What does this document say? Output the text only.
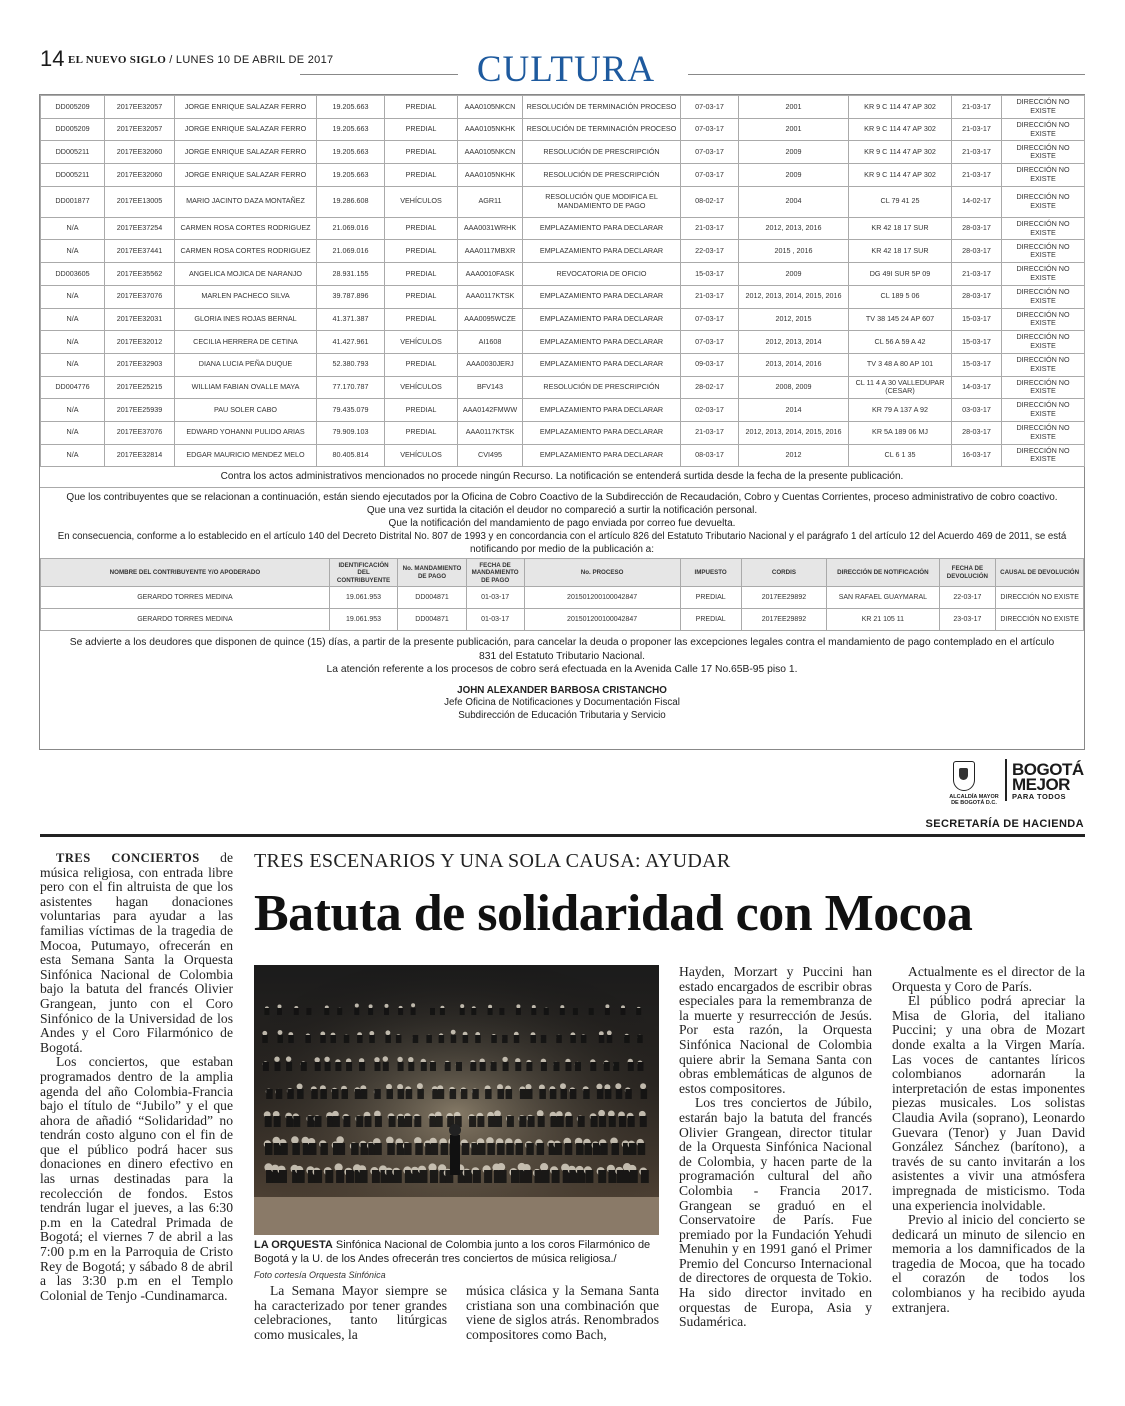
14 EL NUEVO SIGLO / LUNES 10 DE ABRIL DE 2017	CULTURA
DD005209	2017EE32057	JORGE ENRIQUE SALAZAR FERRO	19.205.663	PREDIAL	AAA0105NKCN	RESOLUCIÓN DE TERMINACIÓN PROCESO	07-03-17	2001	KR 9 C 114 47 AP 302	21-03-17	DIRECCIÓN NO EXISTE
DD005209	2017EE32057	JORGE ENRIQUE SALAZAR FERRO	19.205.663	PREDIAL	AAA0105NKHK	RESOLUCIÓN DE TERMINACIÓN PROCESO	07-03-17	2001	KR 9 C 114 47 AP 302	21-03-17	DIRECCIÓN NO EXISTE
DD005211	2017EE32060	JORGE ENRIQUE SALAZAR FERRO	19.205.663	PREDIAL	AAA0105NKCN	RESOLUCIÓN DE PRESCRIPCIÓN	07-03-17	2009	KR 9 C 114 47 AP 302	21-03-17	DIRECCIÓN NO EXISTE
DD005211	2017EE32060	JORGE ENRIQUE SALAZAR FERRO	19.205.663	PREDIAL	AAA0105NKHK	RESOLUCIÓN DE PRESCRIPCIÓN	07-03-17	2009	KR 9 C 114 47 AP 302	21-03-17	DIRECCIÓN NO EXISTE
DD001877	2017EE13005	MARIO JACINTO DAZA MONTAÑEZ	19.286.608	VEHÍCULOS	AGR11	RESOLUCIÓN QUE MODIFICA EL MANDAMIENTO DE PAGO	08-02-17	2004	CL 79 41 25	14-02-17	DIRECCIÓN NO EXISTE
N/A	2017EE37254	CARMEN ROSA CORTES RODRIGUEZ	21.069.016	PREDIAL	AAA0031WRHK	EMPLAZAMIENTO PARA DECLARAR	21-03-17	2012, 2013, 2016	KR 42 18 17 SUR	28-03-17	DIRECCIÓN NO EXISTE
N/A	2017EE37441	CARMEN ROSA CORTES RODRIGUEZ	21.069.016	PREDIAL	AAA0117MBXR	EMPLAZAMIENTO PARA DECLARAR	22-03-17	2015 , 2016	KR 42 18 17 SUR	28-03-17	DIRECCIÓN NO EXISTE
DD003605	2017EE35562	ANGELICA MOJICA DE NARANJO	28.931.155	PREDIAL	AAA0010FASK	REVOCATORIA DE OFICIO	15-03-17	2009	DG 49I SUR 5P 09	21-03-17	DIRECCIÓN NO EXISTE
N/A	2017EE37076	MARLEN PACHECO SILVA	39.787.896	PREDIAL	AAA0117KTSK	EMPLAZAMIENTO PARA DECLARAR	21-03-17	2012, 2013, 2014, 2015, 2016	CL 189 5 06	28-03-17	DIRECCIÓN NO EXISTE
N/A	2017EE32031	GLORIA INES ROJAS BERNAL	41.371.387	PREDIAL	AAA0095WCZE	EMPLAZAMIENTO PARA DECLARAR	07-03-17	2012, 2015	TV 38 145 24 AP 607	15-03-17	DIRECCIÓN NO EXISTE
N/A	2017EE32012	CECILIA HERRERA DE CETINA	41.427.961	VEHÍCULOS	AI1608	EMPLAZAMIENTO PARA DECLARAR	07-03-17	2012, 2013, 2014	CL 56 A 59 A 42	15-03-17	DIRECCIÓN NO EXISTE
N/A	2017EE32903	DIANA LUCIA PEÑA DUQUE	52.380.793	PREDIAL	AAA0030JERJ	EMPLAZAMIENTO PARA DECLARAR	09-03-17	2013, 2014, 2016	TV 3 48 A 80 AP 101	15-03-17	DIRECCIÓN NO EXISTE
DD004776	2017EE25215	WILLIAM FABIAN OVALLE MAYA	77.170.787	VEHÍCULOS	BFV143	RESOLUCIÓN DE PRESCRIPCIÓN	28-02-17	2008, 2009	CL 11 4 A 30 VALLEDUPAR (CESAR)	14-03-17	DIRECCIÓN NO EXISTE
N/A	2017EE25939	PAU SOLER CABO	79.435.079	PREDIAL	AAA0142FMWW	EMPLAZAMIENTO PARA DECLARAR	02-03-17	2014	KR 79 A 137 A 92	03-03-17	DIRECCIÓN NO EXISTE
N/A	2017EE37076	EDWARD YOHANNI PULIDO ARIAS	79.909.103	PREDIAL	AAA0117KTSK	EMPLAZAMIENTO PARA DECLARAR	21-03-17	2012, 2013, 2014, 2015, 2016	KR 5A 189 06 MJ	28-03-17	DIRECCIÓN NO EXISTE
N/A	2017EE32814	EDGAR MAURICIO MENDEZ MELO	80.405.814	VEHÍCULOS	CVI495	EMPLAZAMIENTO PARA DECLARAR	08-03-17	2012	CL 6 1 35	16-03-17	DIRECCIÓN NO EXISTE
Contra los actos administrativos mencionados no procede ningún Recurso. La notificación se entenderá surtida desde la fecha de la presente publicación.
Que los contribuyentes que se relacionan a continuación, están siendo ejecutados por la Oficina de Cobro Coactivo de la Subdirección de Recaudación, Cobro y Cuentas Corrientes, proceso administrativo de cobro coactivo.
Que una vez surtida la citación el deudor no compareció a surtir la notificación personal.
Que la notificación del mandamiento de pago enviada por correo fue devuelta.
En consecuencia, conforme a lo establecido en el artículo 140 del Decreto Distrital No. 807 de 1993 y en concordancia con el artículo 826 del Estatuto Tributario Nacional y el parágrafo 1 del artículo 12 del Acuerdo 469 de 2011, se está
notificando por medio de la publicación a:
NOMBRE DEL CONTRIBUYENTE Y/O APODERADO	IDENTIFICACIÓN DEL CONTRIBUYENTE	No. MANDAMIENTO DE PAGO	FECHA DE MANDAMIENTO DE PAGO	No. PROCESO	IMPUESTO	CORDIS	DIRECCIÓN DE NOTIFICACIÓN	FECHA DE DEVOLUCIÓN	CAUSAL DE DEVOLUCIÓN
GERARDO TORRES MEDINA	19.061.953	DD004871	01-03-17	201501200100042847	PREDIAL	2017EE29892	SAN RAFAEL GUAYMARAL	22-03-17	DIRECCIÓN NO EXISTE
GERARDO TORRES MEDINA	19.061.953	DD004871	01-03-17	201501200100042847	PREDIAL	2017EE29892	KR 21 105 11	23-03-17	DIRECCIÓN NO EXISTE
Se advierte a los deudores que disponen de quince (15) días, a partir de la presente publicación, para cancelar la deuda o proponer las excepciones legales contra el mandamiento de pago contemplado en el artículo
831 del Estatuto Tributario Nacional.
La atención referente a los procesos de cobro será efectuada en la Avenida Calle 17 No.65B-95 piso 1.
JOHN ALEXANDER BARBOSA CRISTANCHO
Jefe Oficina de Notificaciones y Documentación Fiscal
Subdirección de Educación Tributaria y Servicio
ALCALDÍA MAYOR
DE BOGOTÁ D.C.
BOGOTÁ
MEJOR
PARA TODOS
SECRETARÍA DE HACIENDA

TRES CONCIERTOS de música religiosa, con entrada libre pero con el fin altruista de que los asistentes hagan donaciones voluntarias para ayudar a las familias víctimas de la tragedia de Mocoa, Putumayo, ofrecerán en esta Semana Santa la Orquesta Sinfónica Nacional de Colombia bajo la batuta del francés Olivier Grangean, junto con el Coro Sinfónico de la Universidad de los Andes y el Coro Filarmónico de Bogotá.

Los conciertos, que estaban programados dentro de la amplia agenda del año Colombia-Francia bajo el título de “Jubilo” y el que ahora de añadió “Solidaridad” no tendrán costo alguno con el fin de que el público podrá hacer sus donaciones en dinero efectivo en las urnas destinadas para la recolección de fondos. Estos tendrán lugar el jueves, a las 6:30 p.m en la Catedral Primada de Bogotá; el viernes 7 de abril a las 7:00 p.m en la Parroquia de Cristo Rey de Bogotá; y sábado 8 de abril a las 3:30 p.m en el Templo Colonial de Tenjo -Cundinamarca.

TRES ESCENARIOS Y UNA SOLA CAUSA: AYUDAR
Batuta de solidaridad con Mocoa
LA ORQUESTA Sinfónica Nacional de Colombia junto a los coros Filarmónico de Bogotá y la U. de los Andes ofrecerán tres conciertos de música religiosa./
Foto cortesía Orquesta Sinfónica

La Semana Mayor siempre se ha caracterizado por tener grandes celebraciones, tanto litúrgicas como musicales, la

música clásica y la Semana Santa cristiana son una combinación que viene de siglos atrás. Renombrados compositores como Bach,

Hayden, Morzart y Puccini han estado encargados de escribir obras especiales para la remembranza de la muerte y resurrección de Jesús. Por esta razón, la Orquesta Sinfónica Nacional de Colombia quiere abrir la Semana Santa con obras emblemáticas de algunos de estos compositores.

Los tres conciertos de Júbilo, estarán bajo la batuta del francés Olivier Grangean, director titular de la Orquesta Sinfónica Nacional de Colombia, y hacen parte de la programación cultural del año Colombia - Francia 2017. Grangean se graduó en el Conservatoire de París. Fue premiado por la Fundación Yehudi Menuhin y en 1991 ganó el Primer Premio del Concurso Internacional de directores de orquesta de Tokio. Ha sido director invitado en orquestas de Europa, Asia y Sudamérica.

Actualmente es el director de la Orquesta y Coro de París.

El público podrá apreciar la Misa de Gloria, del italiano Puccini; y una obra de Mozart donde exalta a la Virgen María. Las voces de cantantes líricos colombianos adornarán la interpretación de estas imponentes piezas musicales. Los solistas Claudia Avila (soprano), Leonardo Guevara (Tenor) y Juan David González Sánchez (barítono), a través de su canto invitarán a los asistentes a vivir una atmósfera impregnada de misticismo. Toda una experiencia inolvidable.

Previo al inicio del concierto se dedicará un minuto de silencio en memoria a los damnificados de la tragedia de Mocoa, que ha tocado el corazón de todos los colombianos y ha recibido ayuda extranjera.
